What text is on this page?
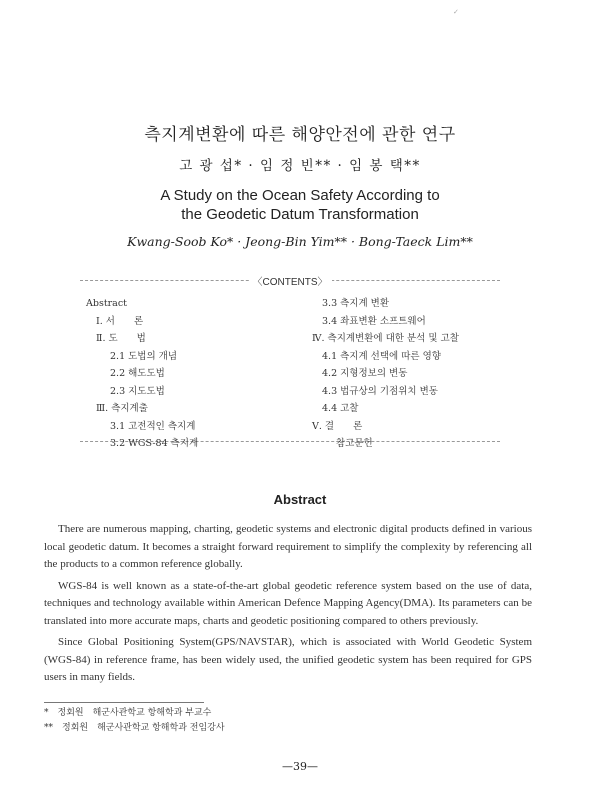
✓
측지계변환에 따른 해양안전에 관한 연구
고 광 섭* · 임 정 빈** · 임 봉 택**
A Study on the Ocean Safety According to
the Geodetic Datum Transformation
Kwang-Soob Ko* · Jeong-Bin Yim** · Bong-Taeck Lim**
〈CONTENTS〉
Abstract
Ⅰ. 서　　론
Ⅱ. 도　　법
2.1 도법의 개념
2.2 해도도법
2.3 지도도법
Ⅲ. 측지계출
3.1 고전적인 측지계
3.2 WGS-84 측지계
3.3 측지계 변환
3.4 좌표변환 소프트웨어
Ⅳ. 측지계변환에 대한 분석 및 고찰
4.1 측지계 선택에 따른 영향
4.2 지형정보의 변동
4.3 법규상의 기점위치 변동
4.4 고찰
Ⅴ. 결　　론
참고문헌
Abstract

There are numerous mapping, charting, geodetic systems and electronic digital products defined in various local geodetic datum. It becomes a straight forward requirement to simplify the complexity by referencing all the products to a common reference globally.

WGS-84 is well known as a state-of-the-art global geodetic reference system based on the use of data, techniques and technology available within American Defence Mapping Agency(DMA). Its parameters can be translated into more accurate maps, charts and geodetic positioning compared to others previously.

Since Global Positioning System(GPS/NAVSTAR), which is associated with World Geodetic System (WGS-84) in reference frame, has been widely used, the unified geodetic system has been required for GPS users in many fields.

*　정회원　해군사관학교 항해학과 부교수
**　정회원　해군사관학교 항해학과 전임강사
—39—
